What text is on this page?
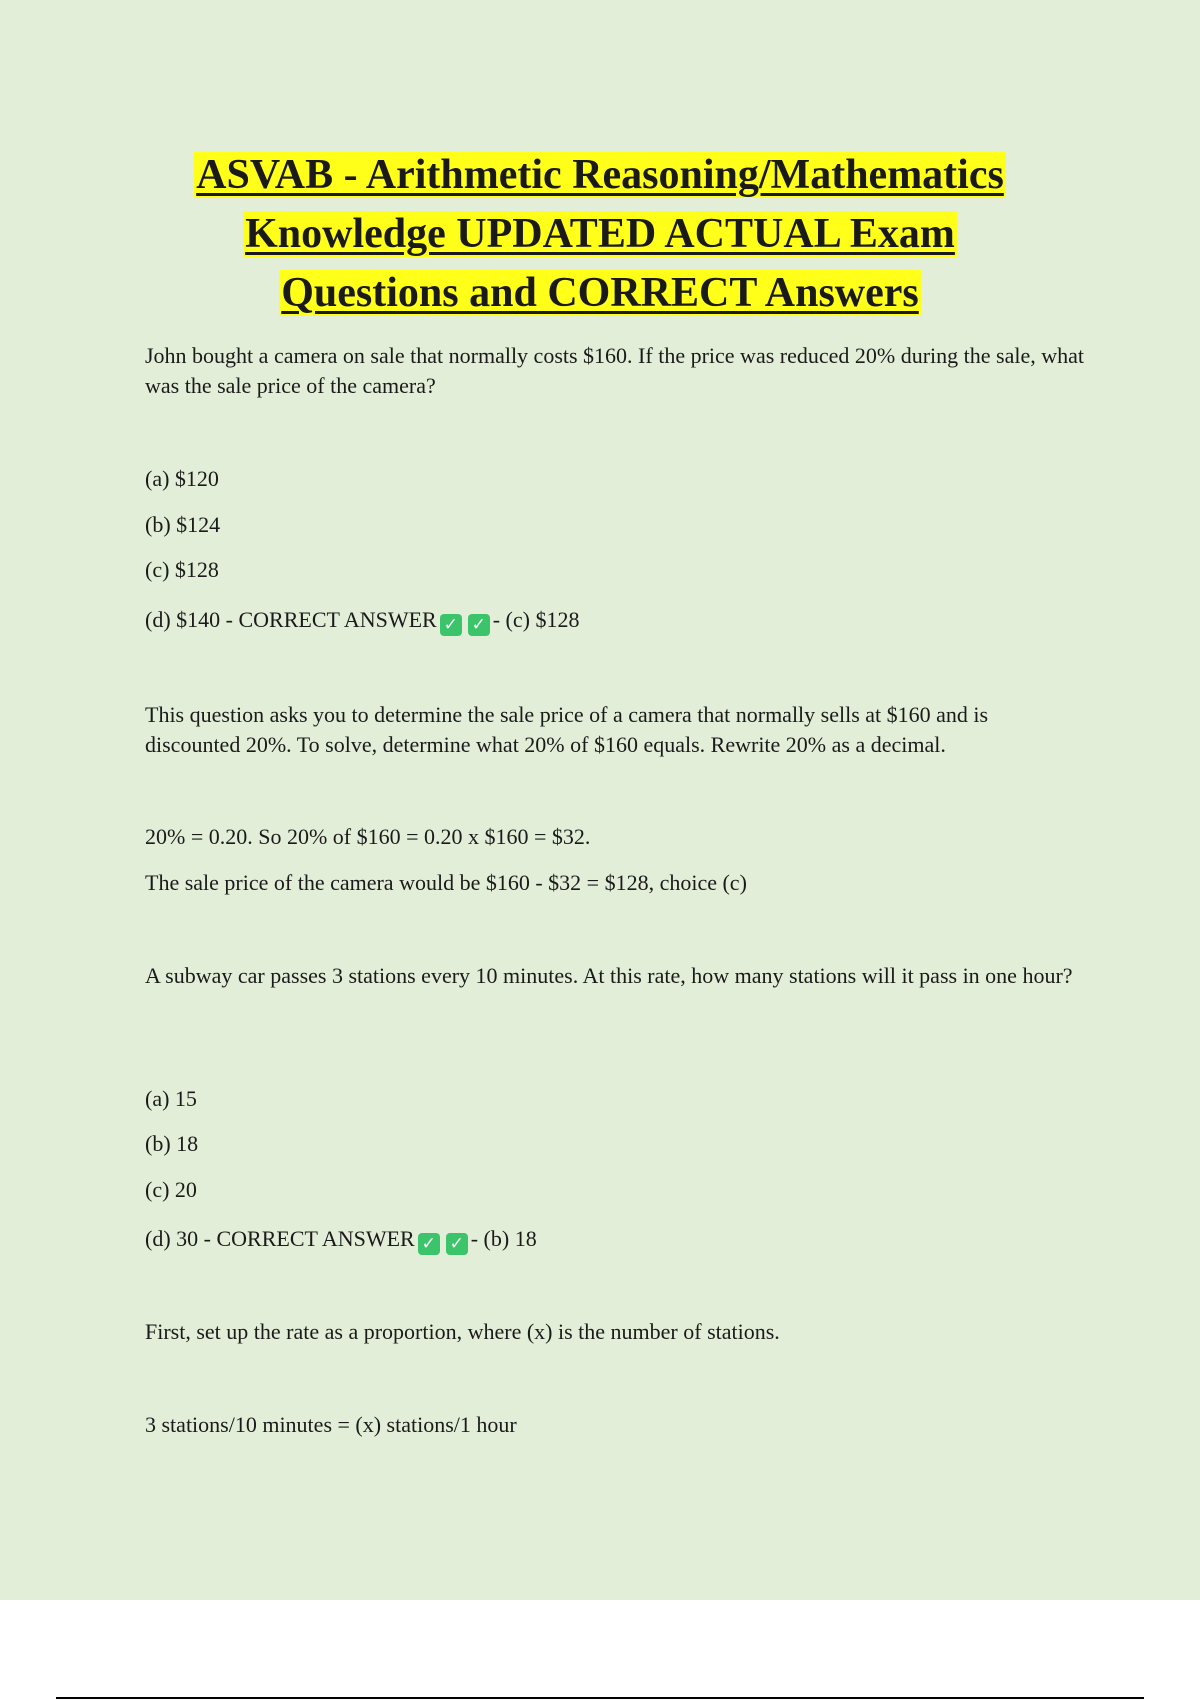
ASVAB - Arithmetic Reasoning/Mathematics
Knowledge UPDATED ACTUAL Exam
Questions and CORRECT Answers

John bought a camera on sale that normally costs $160. If the price was reduced 20% during the sale, what was the sale price of the camera?

(a) $120

(b) $124

(c) $128

(d) $140 - CORRECT ANSWER ✓ ✓ - (c) $128

This question asks you to determine the sale price of a camera that normally sells at $160 and is discounted 20%. To solve, determine what 20% of $160 equals. Rewrite 20% as a decimal.

20% = 0.20. So 20% of $160 = 0.20 x $160 = $32.

The sale price of the camera would be $160 - $32 = $128, choice (c)

A subway car passes 3 stations every 10 minutes. At this rate, how many stations will it pass in one hour?

(a) 15

(b) 18

(c) 20

(d) 30 - CORRECT ANSWER ✓ ✓ - (b) 18

First, set up the rate as a proportion, where (x) is the number of stations.

3 stations/10 minutes = (x) stations/1 hour
